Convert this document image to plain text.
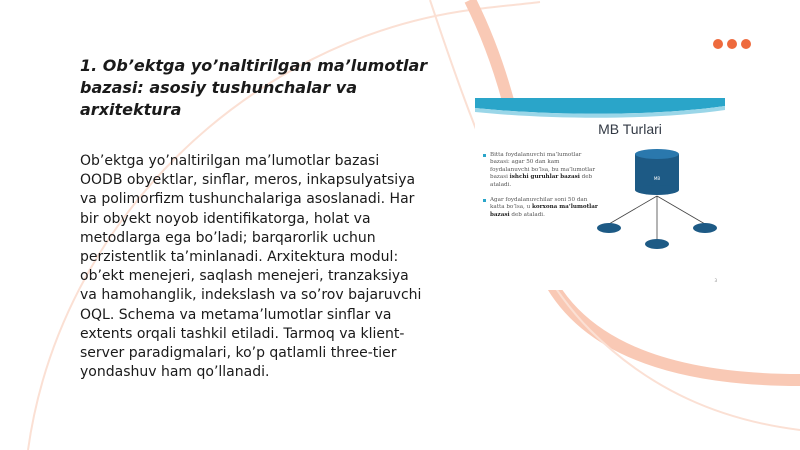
1. Ob’ektga yo’naltirilgan ma’lumotlar bazasi: asosiy tushunchalar va arxitektura

Ob’ektga yo’naltirilgan ma’lumotlar bazasi OODB obyektlar, sinflar, meros, inkapsulyatsiya va polimorfizm tushunchalariga asoslanadi. Har bir obyekt noyob identifikatorga, holat va metodlarga ega bo’ladi; barqarorlik uchun perzistentlik ta’minlanadi. Arxitektura modul: ob’ekt menejeri, saqlash menejeri, tranzaksiya va hamohanglik, indekslash va so’rov bajaruvchi OQL. Schema va metama’lumotlar sinflar va extents orqali tashkil etiladi. Tarmoq va klient-server paradigmalari, ko’p qatlamli three-tier yondashuv ham qo’llanadi.

MB Turlari
Bitta foydalanuvchi ma’lumotlar bazasi: agar 50 dan kam foydalanuvchi bo’lsa, bu ma’lumotlar bazasi ishchi guruhlar bazasi deb ataladi.
Agar foydalanuvchilar soni 50 dan katta bo’lsa, u korxona ma’lumotlar bazasi deb ataladi.
MB
3
